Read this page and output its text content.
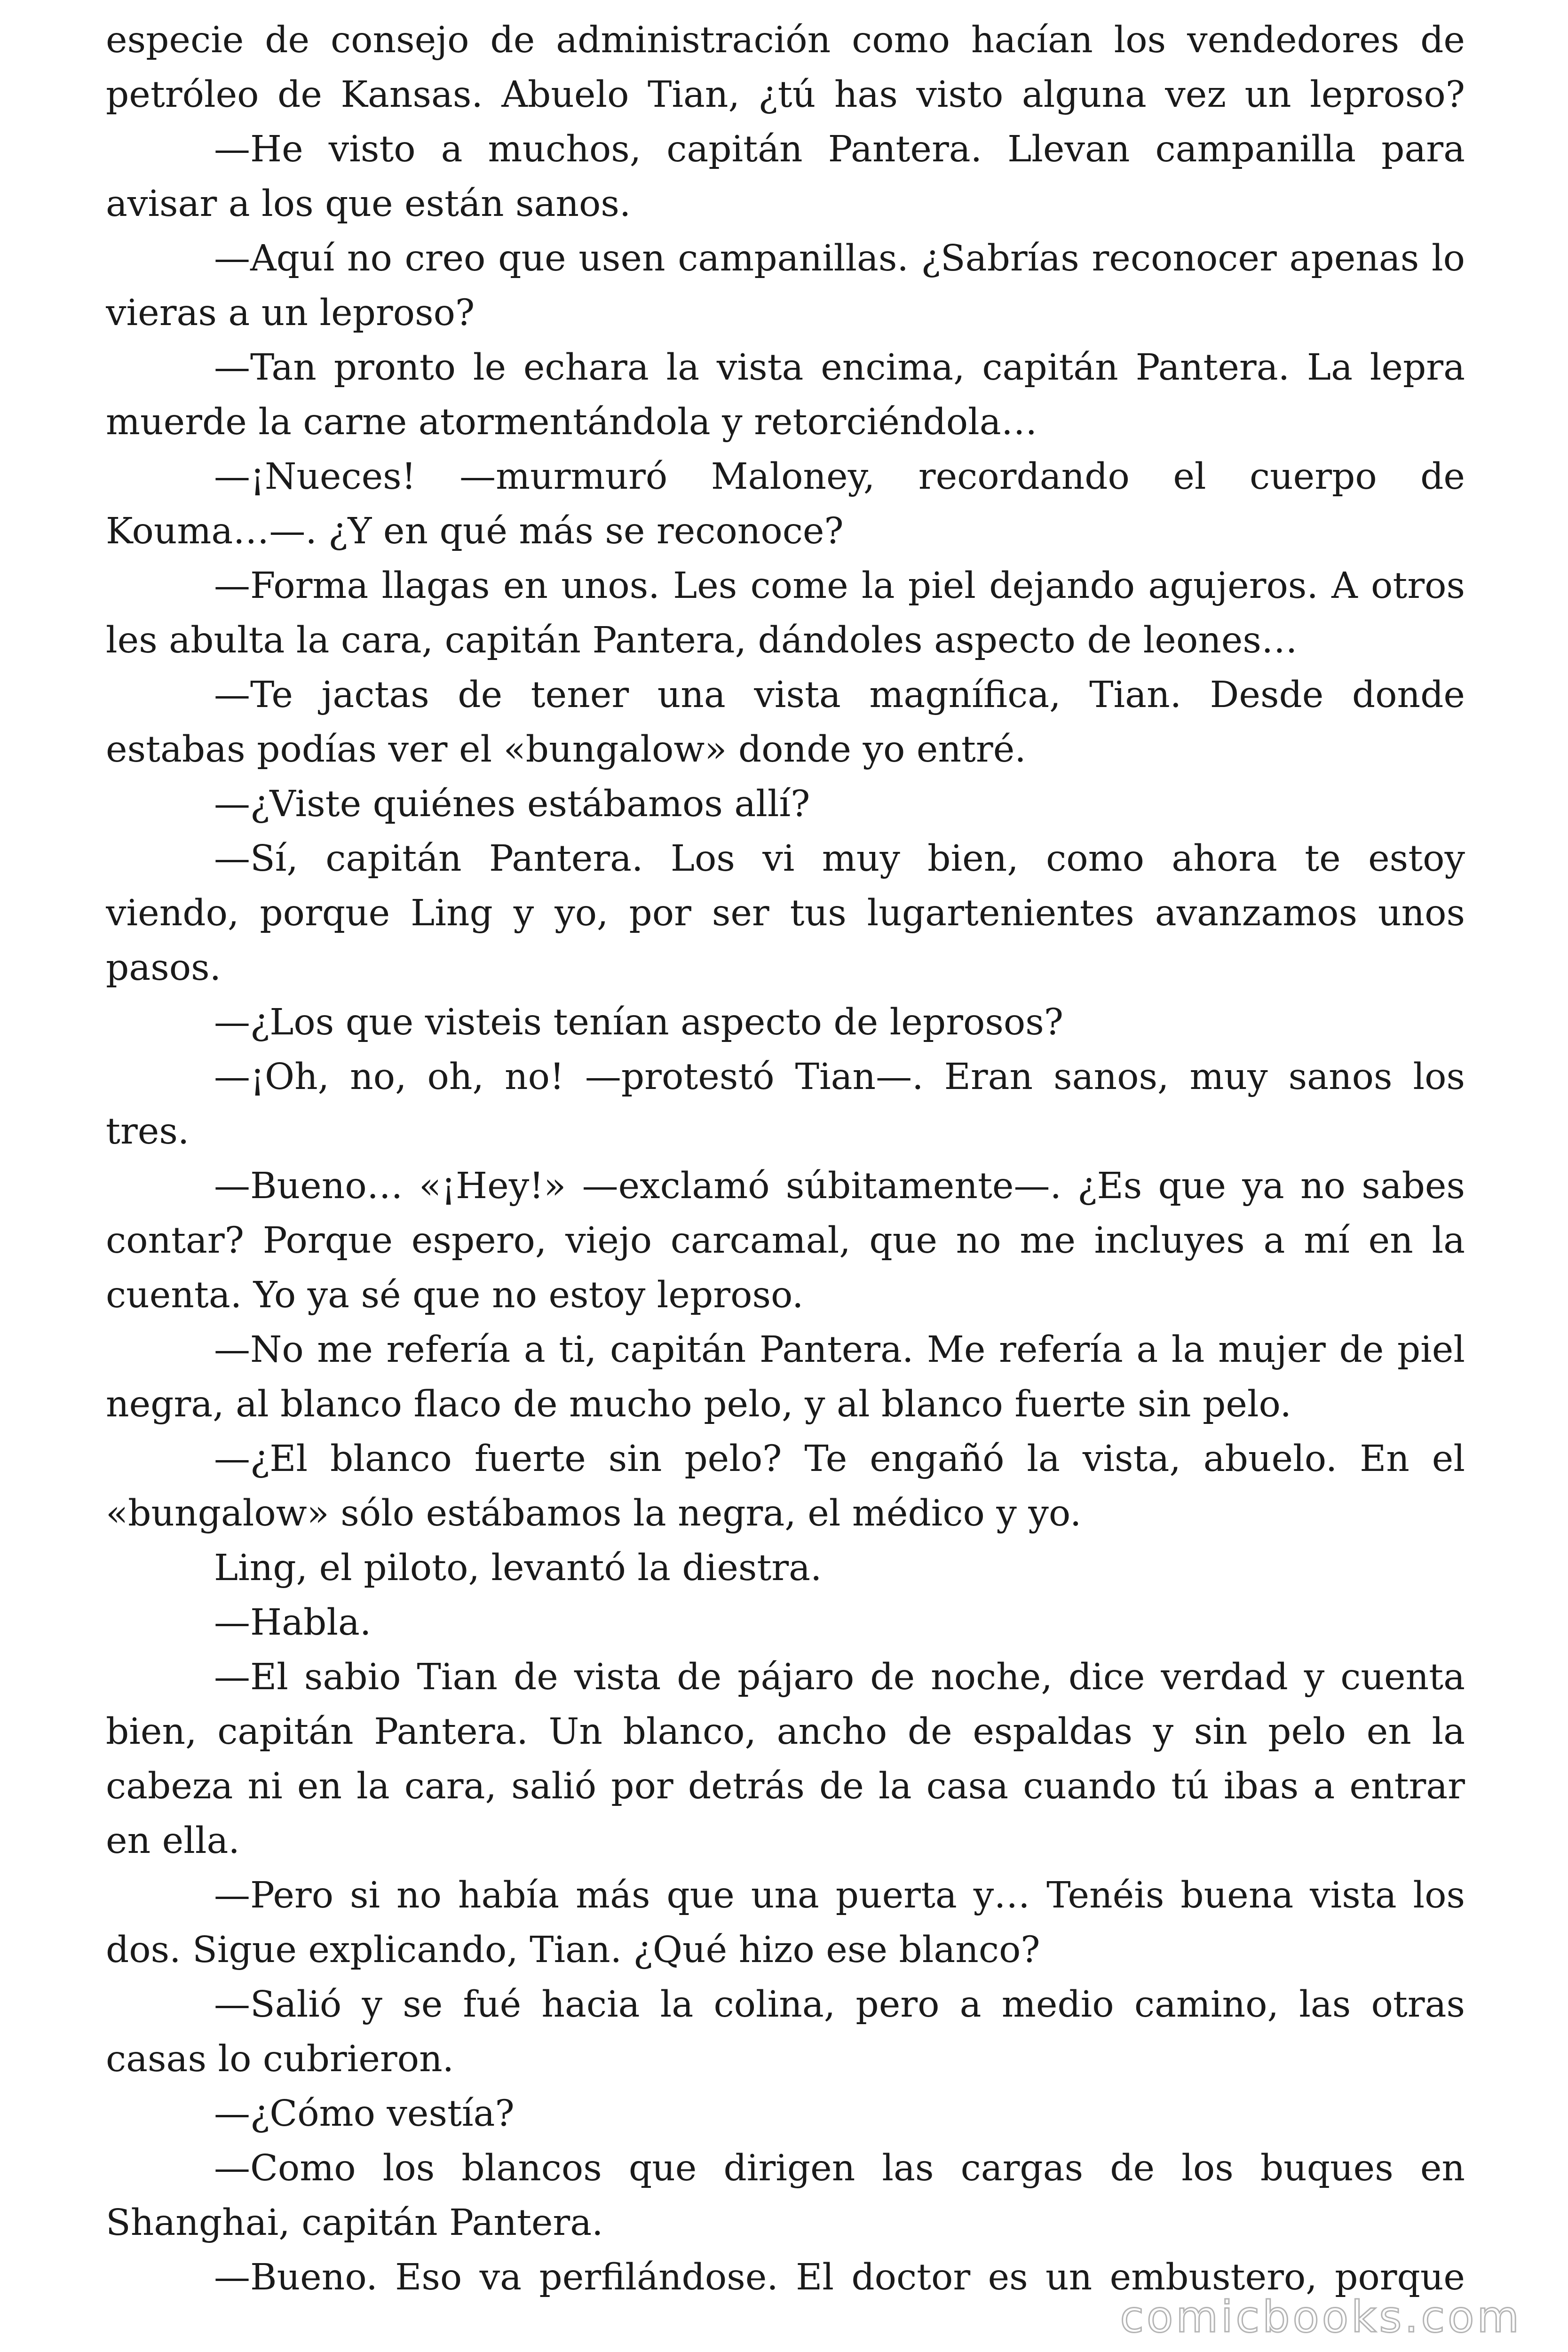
especie de consejo de administración como hacían los vendedores de
petróleo de Kansas. Abuelo Tian, ¿tú has visto alguna vez un leproso?
—He visto a muchos, capitán Pantera. Llevan campanilla para
avisar a los que están sanos.
—Aquí no creo que usen campanillas. ¿Sabrías reconocer apenas lo
vieras a un leproso?
—Tan pronto le echara la vista encima, capitán Pantera. La lepra
muerde la carne atormentándola y retorciéndola…
—¡Nueces! —murmuró Maloney, recordando el cuerpo de
Kouma…—. ¿Y en qué más se reconoce?
—Forma llagas en unos. Les come la piel dejando agujeros. A otros
les abulta la cara, capitán Pantera, dándoles aspecto de leones…
—Te jactas de tener una vista magnífica, Tian. Desde donde
estabas podías ver el «bungalow» donde yo entré.
—¿Viste quiénes estábamos allí?
—Sí, capitán Pantera. Los vi muy bien, como ahora te estoy
viendo, porque Ling y yo, por ser tus lugartenientes avanzamos unos
pasos.
—¿Los que visteis tenían aspecto de leprosos?
—¡Oh, no, oh, no! —protestó Tian—. Eran sanos, muy sanos los
tres.
—Bueno… «¡Hey!» —exclamó súbitamente—. ¿Es que ya no sabes
contar? Porque espero, viejo carcamal, que no me incluyes a mí en la
cuenta. Yo ya sé que no estoy leproso.
—No me refería a ti, capitán Pantera. Me refería a la mujer de piel
negra, al blanco flaco de mucho pelo, y al blanco fuerte sin pelo.
—¿El blanco fuerte sin pelo? Te engañó la vista, abuelo. En el
«bungalow» sólo estábamos la negra, el médico y yo.
Ling, el piloto, levantó la diestra.
—Habla.
—El sabio Tian de vista de pájaro de noche, dice verdad y cuenta
bien, capitán Pantera. Un blanco, ancho de espaldas y sin pelo en la
cabeza ni en la cara, salió por detrás de la casa cuando tú ibas a entrar
en ella.
—Pero si no había más que una puerta y… Tenéis buena vista los
dos. Sigue explicando, Tian. ¿Qué hizo ese blanco?
—Salió y se fué hacia la colina, pero a medio camino, las otras
casas lo cubrieron.
—¿Cómo vestía?
—Como los blancos que dirigen las cargas de los buques en
Shanghai, capitán Pantera.
—Bueno. Eso va perfilándose. El doctor es un embustero, porque
comicbooks.com
